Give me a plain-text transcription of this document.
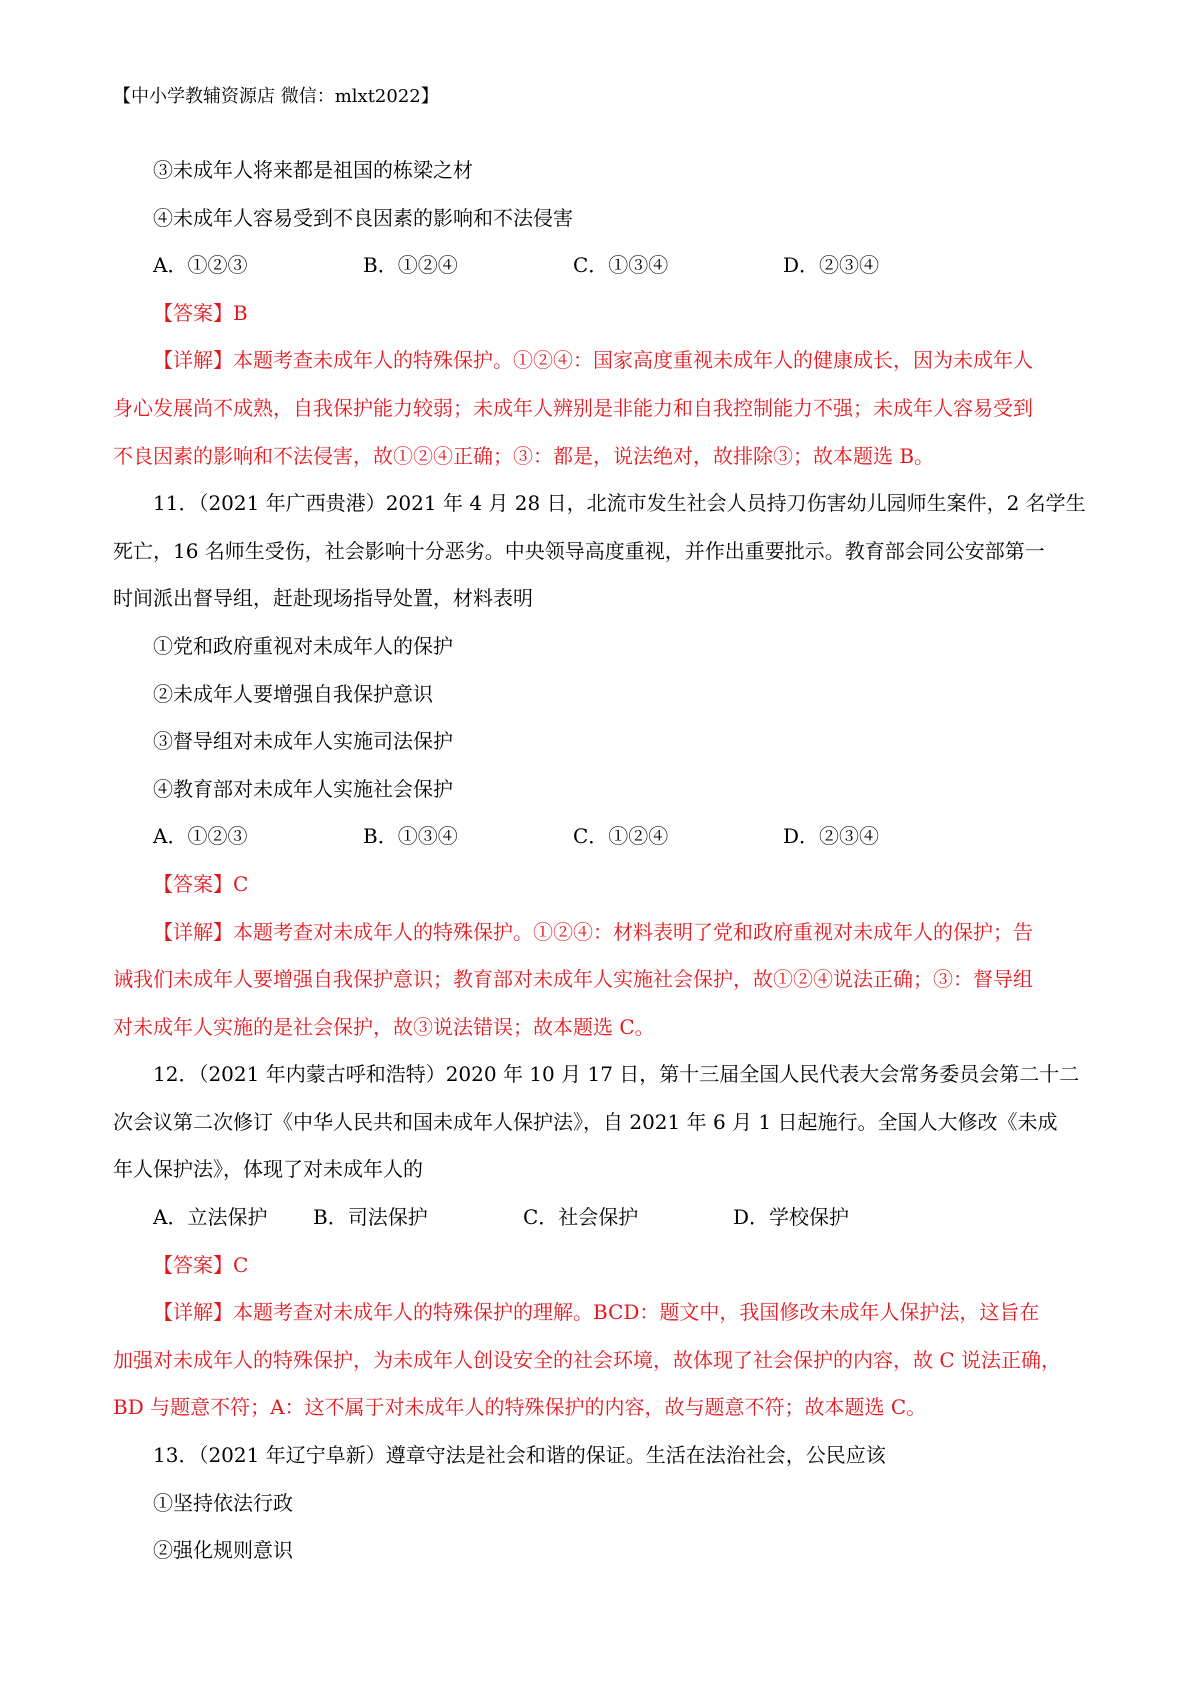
【中小学教辅资源店 微信：mlxt2022】
③未成年人将来都是祖国的栋梁之材
④未成年人容易受到不良因素的影响和不法侵害
A．①②③	B．①②④	C．①③④	D．②③④
【答案】B
【详解】本题考查未成年人的特殊保护。①②④：国家高度重视未成年人的健康成长，因为未成年人
身心发展尚不成熟，自我保护能力较弱；未成年人辨别是非能力和自我控制能力不强；未成年人容易受到
不良因素的影响和不法侵害，故①②④正确；③：都是，说法绝对，故排除③；故本题选 B。
11．（2021 年广西贵港）2021 年 4 月 28 日，北流市发生社会人员持刀伤害幼儿园师生案件，2 名学生
死亡，16 名师生受伤，社会影响十分恶劣。中央领导高度重视，并作出重要批示。教育部会同公安部第一
时间派出督导组，赶赴现场指导处置，材料表明
①党和政府重视对未成年人的保护
②未成年人要增强自我保护意识
③督导组对未成年人实施司法保护
④教育部对未成年人实施社会保护
A．①②③	B．①③④	C．①②④	D．②③④
【答案】C
【详解】本题考查对未成年人的特殊保护。①②④：材料表明了党和政府重视对未成年人的保护；告
诫我们未成年人要增强自我保护意识；教育部对未成年人实施社会保护，故①②④说法正确；③：督导组
对未成年人实施的是社会保护，故③说法错误；故本题选 C。
12．（2021 年内蒙古呼和浩特）2020 年 10 月 17 日，第十三届全国人民代表大会常务委员会第二十二
次会议第二次修订《中华人民共和国未成年人保护法》，自 2021 年 6 月 1 日起施行。全国人大修改《未成
年人保护法》，体现了对未成年人的
A．立法保护	B．司法保护	C．社会保护	D．学校保护
【答案】C
【详解】本题考查对未成年人的特殊保护的理解。BCD：题文中，我国修改未成年人保护法，这旨在
加强对未成年人的特殊保护，为未成年人创设安全的社会环境，故体现了社会保护的内容，故 C 说法正确，
BD 与题意不符；A：这不属于对未成年人的特殊保护的内容，故与题意不符；故本题选 C。
13．（2021 年辽宁阜新）遵章守法是社会和谐的保证。生活在法治社会，公民应该
①坚持依法行政
②强化规则意识
